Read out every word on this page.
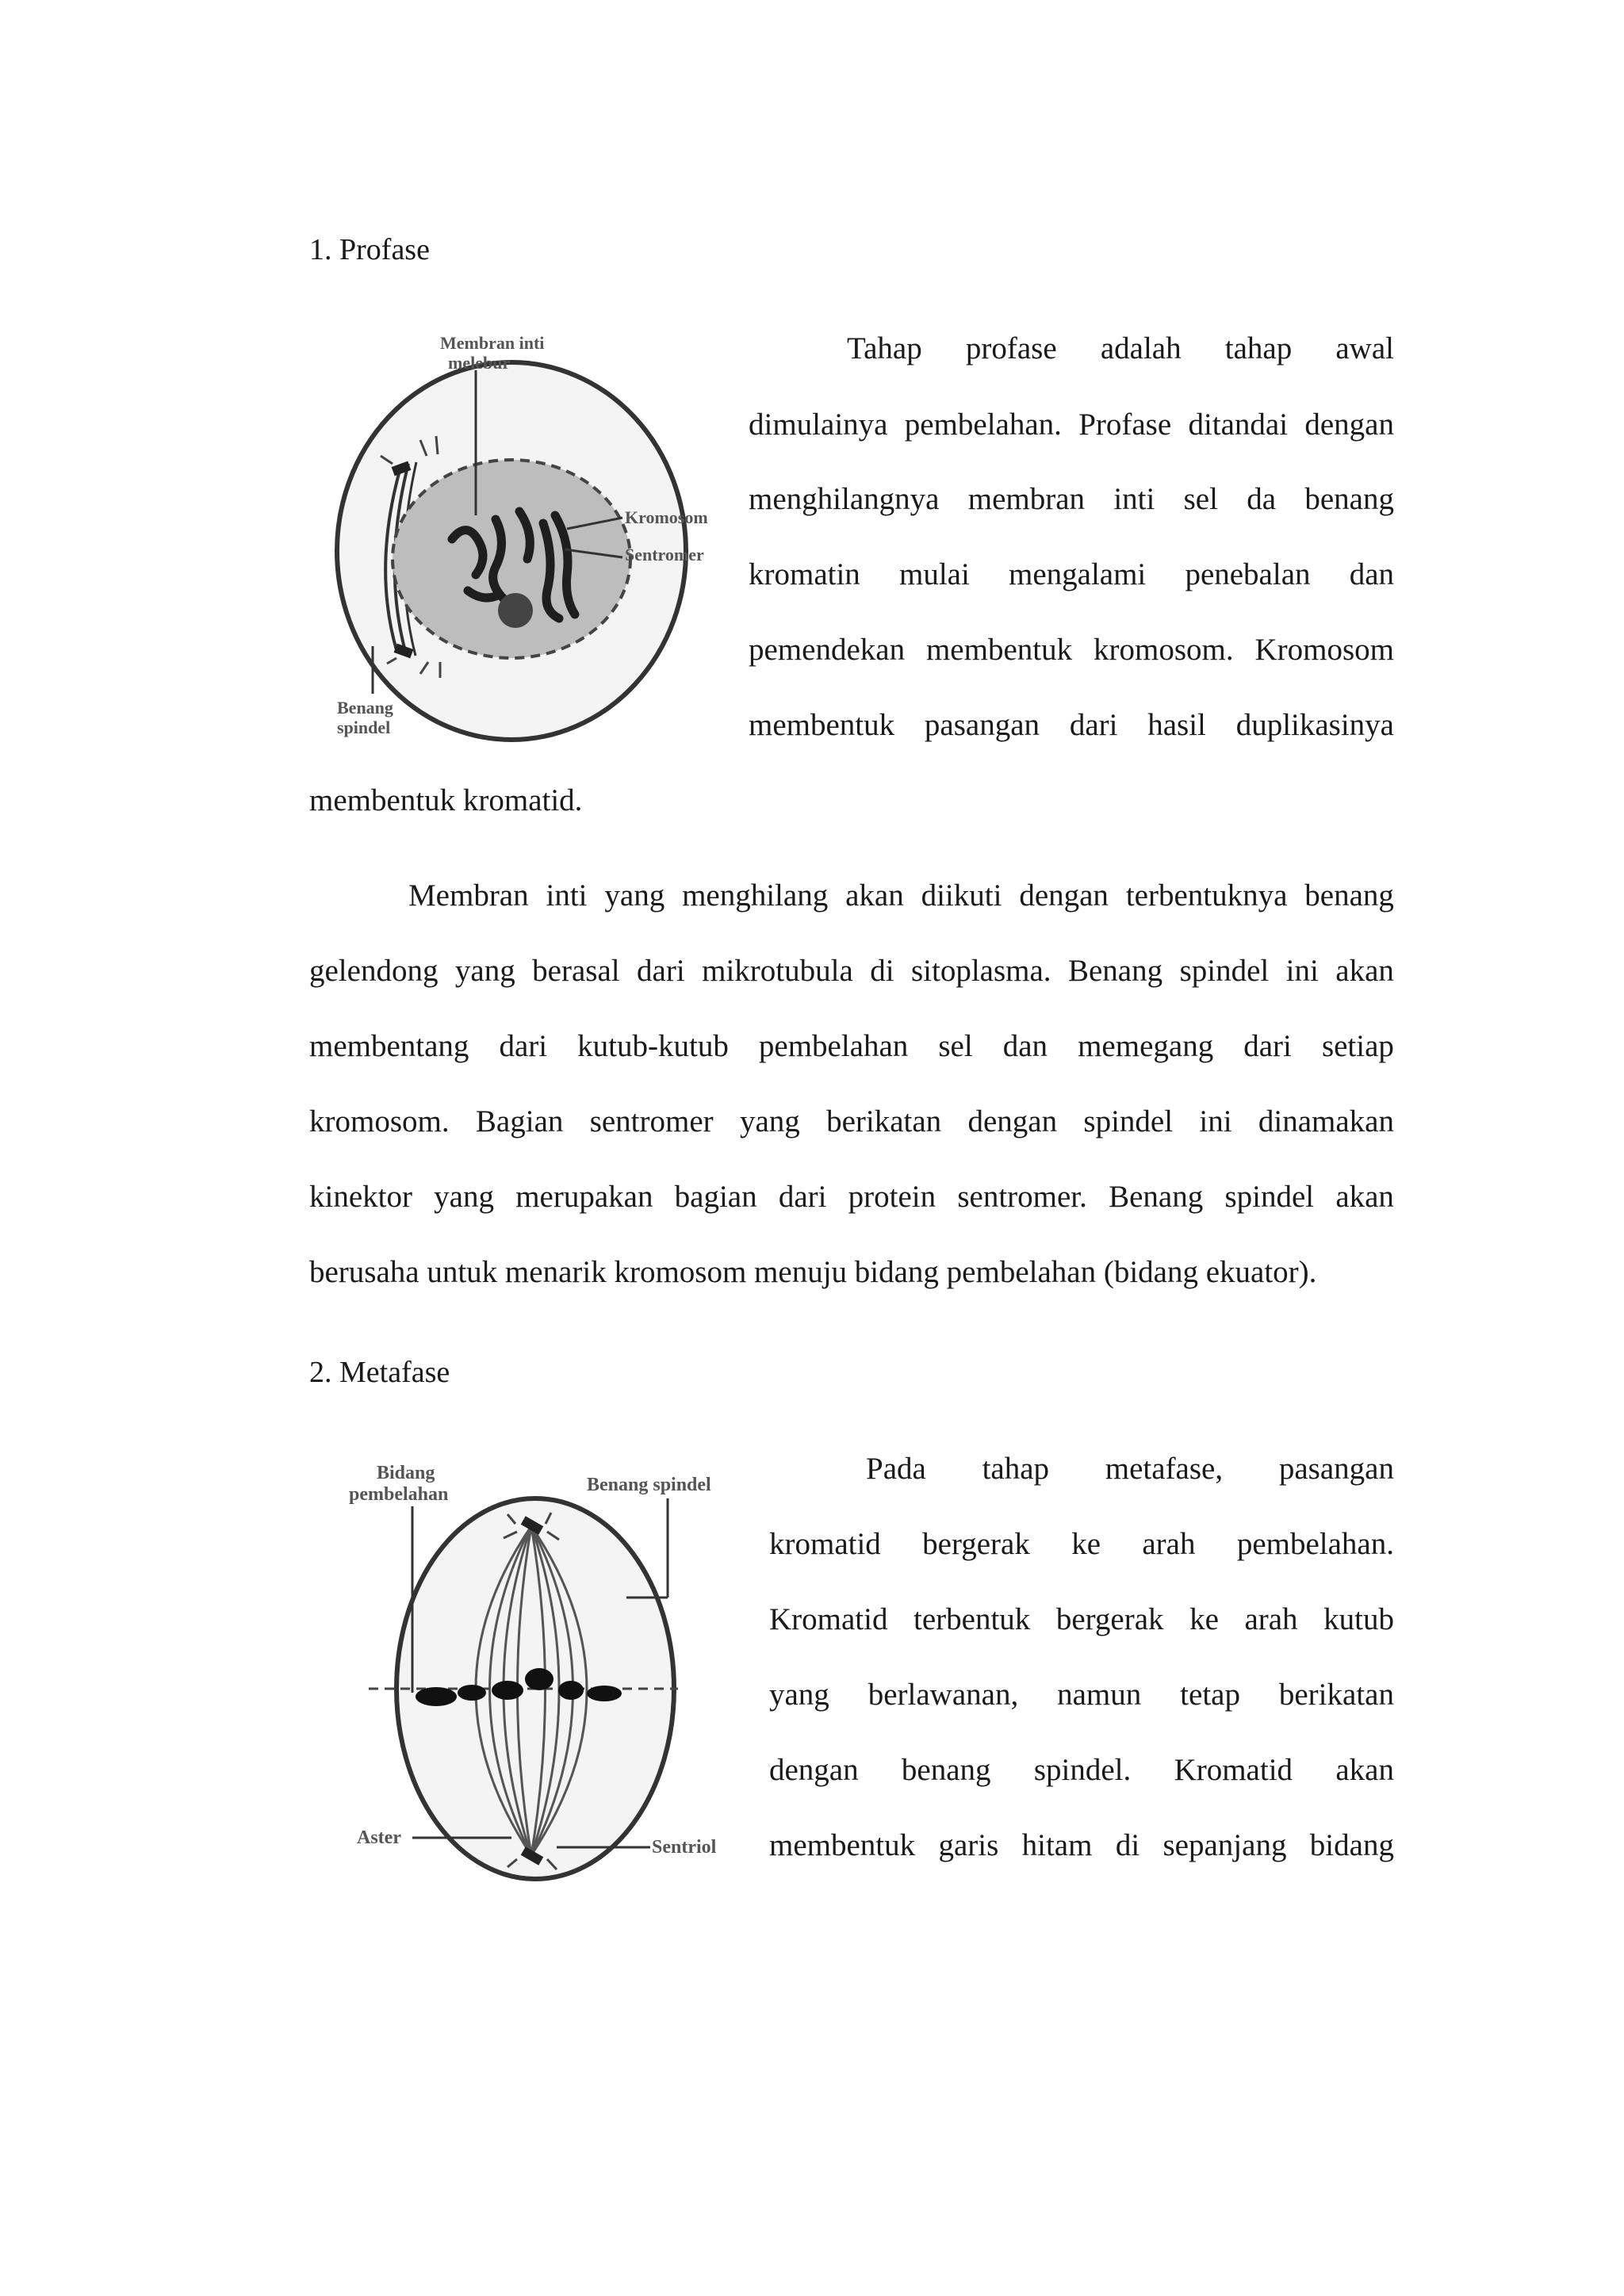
1. Profase
Membran inti
melebur
Kromosom
Sentromer
Benang
spindel
Tahap profase adalah tahap awal
dimulainya pembelahan. Profase ditandai dengan
menghilangnya membran inti sel da benang
kromatin mulai mengalami penebalan dan
pemendekan membentuk kromosom. Kromosom
membentuk pasangan dari hasil duplikasinya
membentuk kromatid.
Membran inti yang menghilang akan diikuti dengan terbentuknya benang
gelendong yang berasal dari mikrotubula di sitoplasma. Benang spindel ini akan
membentang dari kutub-kutub pembelahan sel dan memegang dari setiap
kromosom. Bagian sentromer yang berikatan dengan spindel ini dinamakan
kinektor yang merupakan bagian dari protein sentromer. Benang spindel akan
berusaha untuk menarik kromosom menuju bidang pembelahan (bidang ekuator).
2. Metafase
Bidang
pembelahan	Benang spindel
Aster	Sentriol
Pada tahap metafase, pasangan
kromatid bergerak ke arah pembelahan.
Kromatid terbentuk bergerak ke arah kutub
yang berlawanan, namun tetap berikatan
dengan benang spindel. Kromatid akan
membentuk garis hitam di sepanjang bidang
